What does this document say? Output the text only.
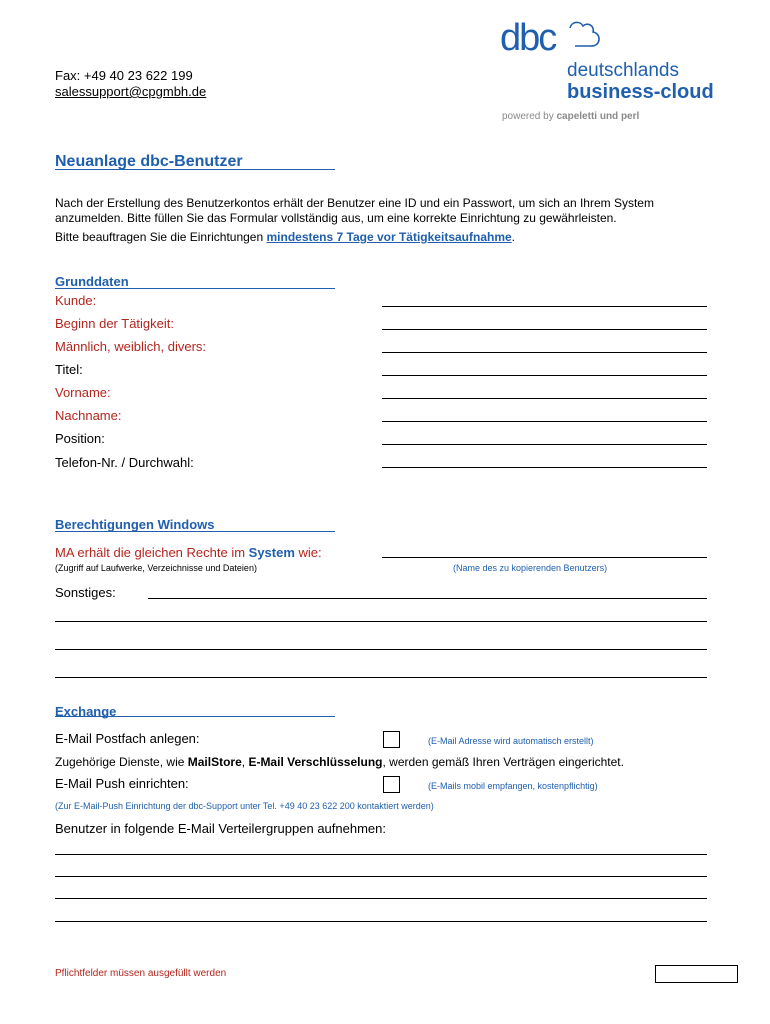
Fax: +49 40 23 622 199
salessupport@cpgmbh.de
dbc
deutschlands
business-cloud
powered by capeletti und perl
Neuanlage dbc-Benutzer
Nach der Erstellung des Benutzerkontos erhält der Benutzer eine ID und ein Passwort, um sich an Ihrem System
anzumelden. Bitte füllen Sie das Formular vollständig aus, um eine korrekte Einrichtung zu gewährleisten.
Bitte beauftragen Sie die Einrichtungen mindestens 7 Tage vor Tätigkeitsaufnahme.
Grunddaten
Kunde:
Beginn der Tätigkeit:
Männlich, weiblich, divers:
Titel:
Vorname:
Nachname:
Position:
Telefon-Nr. / Durchwahl:
Berechtigungen Windows
MA erhält die gleichen Rechte im System wie:
(Zugriff auf Laufwerke, Verzeichnisse und Dateien)	(Name des zu kopierenden Benutzers)
Sonstiges:
Exchange
E-Mail Postfach anlegen:	(E-Mail Adresse wird automatisch erstellt)
Zugehörige Dienste, wie MailStore, E-Mail Verschlüsselung, werden gemäß Ihren Verträgen eingerichtet.
E-Mail Push einrichten:	(E-Mails mobil empfangen, kostenpflichtig)
(Zur E-Mail-Push Einrichtung der dbc-Support unter Tel. +49 40 23 622 200 kontaktiert werden)
Benutzer in folgende E-Mail Verteilergruppen aufnehmen:
Pflichtfelder müssen ausgefüllt werden
